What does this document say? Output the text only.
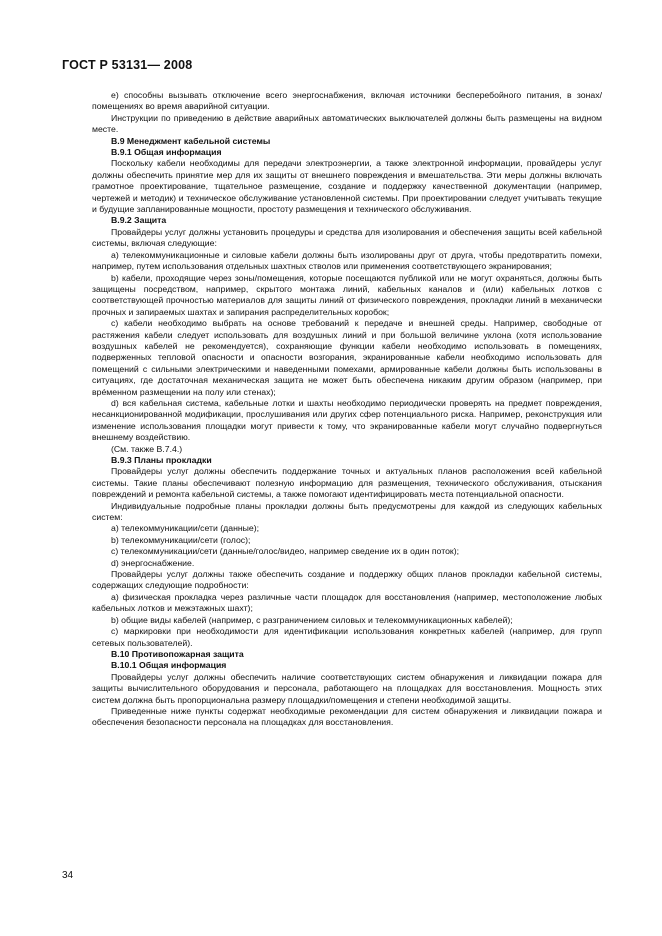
ГОСТ Р 53131— 2008

e) способны вызывать отключение всего энергоснабжения, включая источники бесперебойного питания, в зонах/помещениях во время аварийной ситуации.

Инструкции по приведению в действие аварийных автоматических выключателей должны быть размещены на видном месте.

В.9 Менеджмент кабельной системы

В.9.1 Общая информация

Поскольку кабели необходимы для передачи электроэнергии, а также электронной информации, провайдеры услуг должны обеспечить принятие мер для их защиты от внешнего повреждения и вмешательства. Эти меры должны включать грамотное проектирование, тщательное размещение, создание и поддержку качественной документации (например, чертежей и методик) и техническое обслуживание установленной системы. При проектировании следует учитывать текущие и будущие запланированные мощности, простоту размещения и технического обслуживания.

В.9.2 Защита

Провайдеры услуг должны установить процедуры и средства для изолирования и обеспечения защиты всей кабельной системы, включая следующие:

a) телекоммуникационные и силовые кабели должны быть изолированы друг от друга, чтобы предотвратить помехи, например, путем использования отдельных шахтных стволов или применения соответствующего экранирования;

b) кабели, проходящие через зоны/помещения, которые посещаются публикой или не могут охраняться, должны быть защищены посредством, например, скрытого монтажа линий, кабельных каналов и (или) кабельных лотков с соответствующей прочностью материалов для защиты линий от физического повреждения, прокладки линий в механически прочных и запираемых шахтах и запирания распределительных коробок;

c) кабели необходимо выбрать на основе требований к передаче и внешней среды. Например, свободные от растяжения кабели следует использовать для воздушных линий и при большой величине уклона (хотя использование воздушных кабелей не рекомендуется), сохраняющие функции кабели необходимо использовать в помещениях, подверженных тепловой опасности и опасности возгорания, экранированные кабели необходимо использовать для помещений с сильными электрическими и наведенными помехами, армированные кабели должны быть использованы в ситуациях, где достаточная механическая защита не может быть обеспечена никаким другим образом (например, при врéменном размещении на полу или стенах);

d) вся кабельная система, кабельные лотки и шахты необходимо периодически проверять на предмет повреждения, несанкционированной модификации, прослушивания или других сфер потенциального риска. Например, реконструкция или изменение использования площадки могут привести к тому, что экранированные кабели могут случайно подвергнуться внешнему воздействию.

(См. также В.7.4.)

В.9.3 Планы прокладки

Провайдеры услуг должны обеспечить поддержание точных и актуальных планов расположения всей кабельной системы. Такие планы обеспечивают полезную информацию для размещения, технического обслуживания, отыскания повреждений и ремонта кабельной системы, а также помогают идентифицировать места потенциальной опасности.

Индивидуальные подробные планы прокладки должны быть предусмотрены для каждой из следующих кабельных систем:

a) телекоммуникации/сети (данные);

b) телекоммуникации/сети (голос);

c) телекоммуникации/сети (данные/голос/видео, например сведение их в один поток);

d) энергоснабжение.

Провайдеры услуг должны также обеспечить создание и поддержку общих планов прокладки кабельной системы, содержащих следующие подробности:

a) физическая прокладка через различные части площадок для восстановления (например, местоположение любых кабельных лотков и межэтажных шахт);

b) общие виды кабелей (например, с разграничением силовых и телекоммуникационных кабелей);

c) маркировки при необходимости для идентификации использования конкретных кабелей (например, для групп сетевых пользователей).

В.10 Противопожарная защита

В.10.1 Общая информация

Провайдеры услуг должны обеспечить наличие соответствующих систем обнаружения и ликвидации пожара для защиты вычислительного оборудования и персонала, работающего на площадках для восстановления. Мощность этих систем должна быть пропорциональна размеру площадки/помещения и степени необходимой защиты.

Приведенные ниже пункты содержат необходимые рекомендации для систем обнаружения и ликвидации пожара и обеспечения безопасности персонала на площадках для восстановления.

34
